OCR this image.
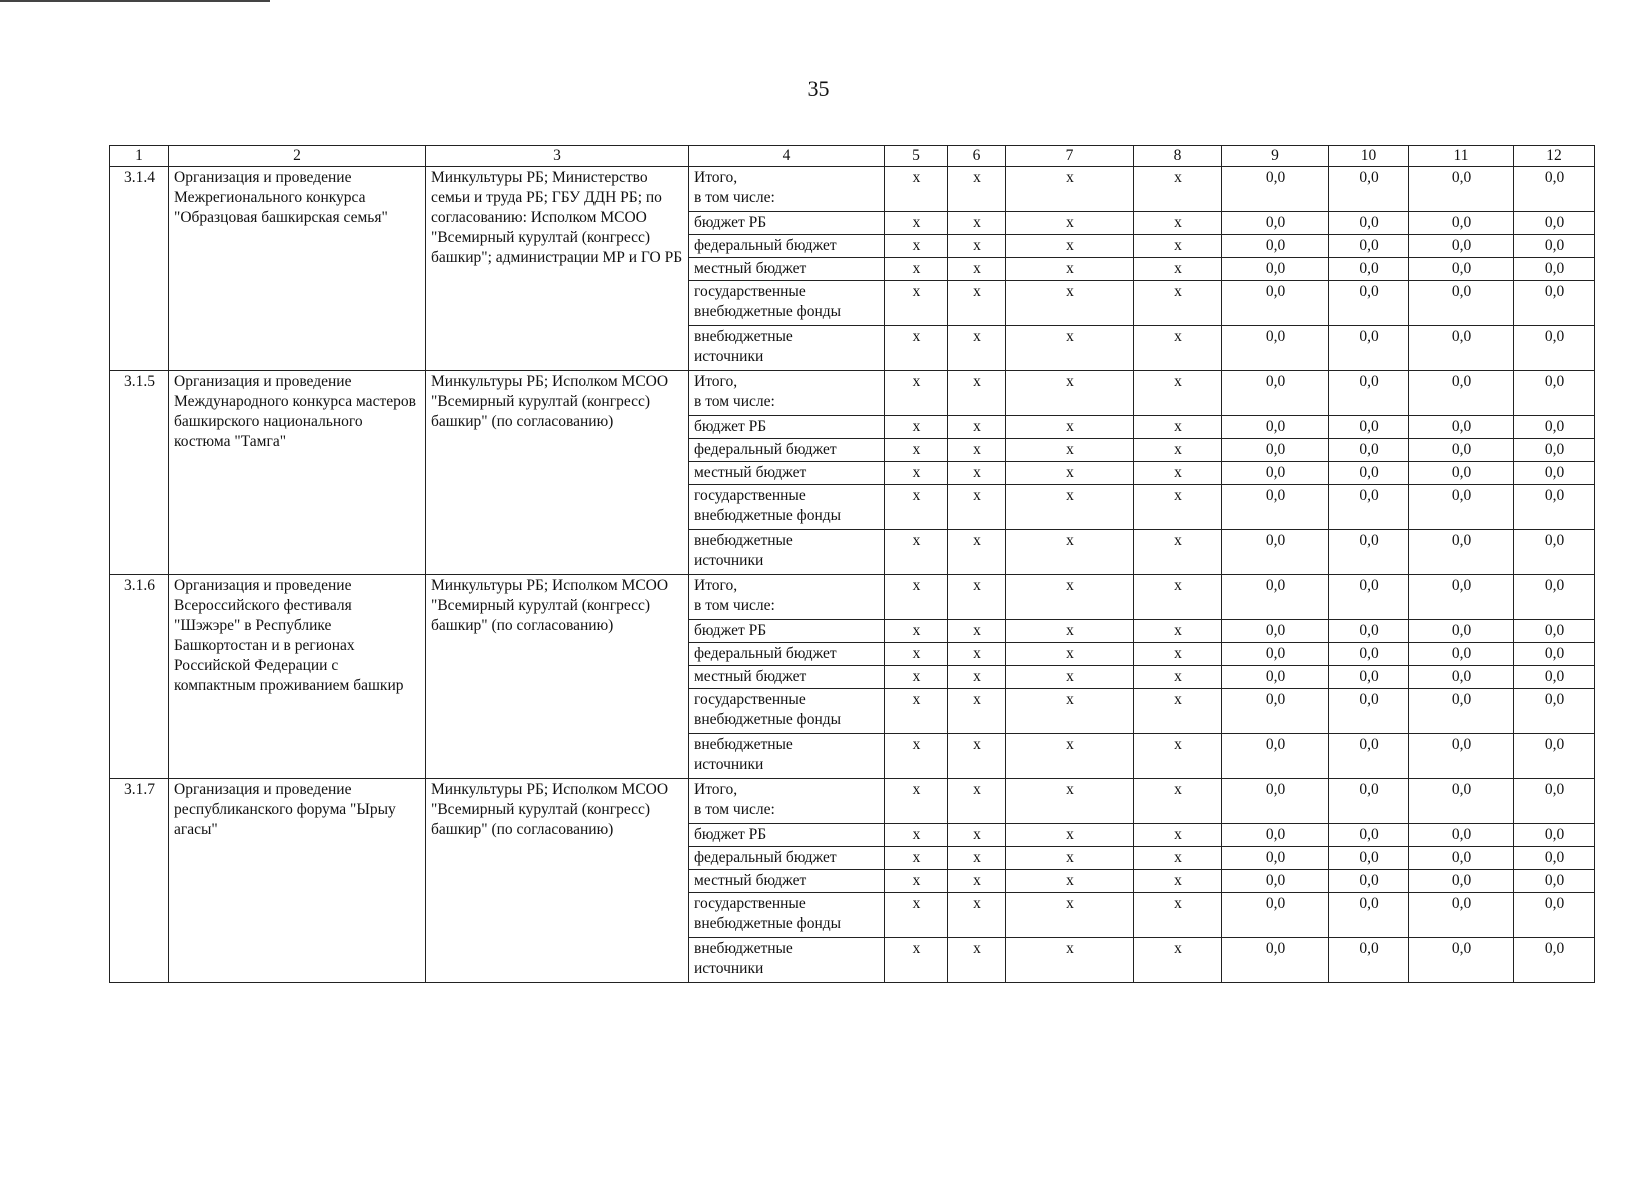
35
1	2	3	4	5	6	7	8	9	10	11	12
3.1.4	Организация и проведение Межрегионального конкурса "Образцовая башкирская семья"	Минкультуры РБ; Министерство семьи и труда РБ; ГБУ ДДН РБ; по согласованию: Исполком МСОО "Всемирный курултай (конгресс) башкир"; администрации МР и ГО РБ	Итого,
в том числе:	х	х	х	х	0,0	0,0	0,0	0,0
			бюджет РБ	х	х	х	х	0,0	0,0	0,0	0,0
			федеральный бюджет	х	х	х	х	0,0	0,0	0,0	0,0
			местный бюджет	х	х	х	х	0,0	0,0	0,0	0,0
			государственные
внебюджетные фонды	х	х	х	х	0,0	0,0	0,0	0,0
			внебюджетные
источники	х	х	х	х	0,0	0,0	0,0	0,0
3.1.5	Организация и проведение Международного конкурса мастеров башкирского национального костюма "Тамга"	Минкультуры РБ; Исполком МСОО "Всемирный курултай (конгресс) башкир" (по согласованию)	Итого,
в том числе:	х	х	х	х	0,0	0,0	0,0	0,0
			бюджет РБ	х	х	х	х	0,0	0,0	0,0	0,0
			федеральный бюджет	х	х	х	х	0,0	0,0	0,0	0,0
			местный бюджет	х	х	х	х	0,0	0,0	0,0	0,0
			государственные
внебюджетные фонды	х	х	х	х	0,0	0,0	0,0	0,0
			внебюджетные
источники	х	х	х	х	0,0	0,0	0,0	0,0
3.1.6	Организация и проведение Всероссийского фестиваля "Шэжэре" в Республике Башкортостан и в регионах Российской Федерации с компактным проживанием башкир	Минкультуры РБ; Исполком МСОО "Всемирный курултай (конгресс) башкир" (по согласованию)	Итого,
в том числе:	х	х	х	х	0,0	0,0	0,0	0,0
			бюджет РБ	х	х	х	х	0,0	0,0	0,0	0,0
			федеральный бюджет	х	х	х	х	0,0	0,0	0,0	0,0
			местный бюджет	х	х	х	х	0,0	0,0	0,0	0,0
			государственные
внебюджетные фонды	х	х	х	х	0,0	0,0	0,0	0,0
			внебюджетные
источники	х	х	х	х	0,0	0,0	0,0	0,0
3.1.7	Организация и проведение республиканского форума "Ырыу агасы"	Минкультуры РБ; Исполком МСОО "Всемирный курултай (конгресс) башкир" (по согласованию)	Итого,
в том числе:	х	х	х	х	0,0	0,0	0,0	0,0
			бюджет РБ	х	х	х	х	0,0	0,0	0,0	0,0
			федеральный бюджет	х	х	х	х	0,0	0,0	0,0	0,0
			местный бюджет	х	х	х	х	0,0	0,0	0,0	0,0
			государственные
внебюджетные фонды	х	х	х	х	0,0	0,0	0,0	0,0
			внебюджетные
источники	х	х	х	х	0,0	0,0	0,0	0,0
